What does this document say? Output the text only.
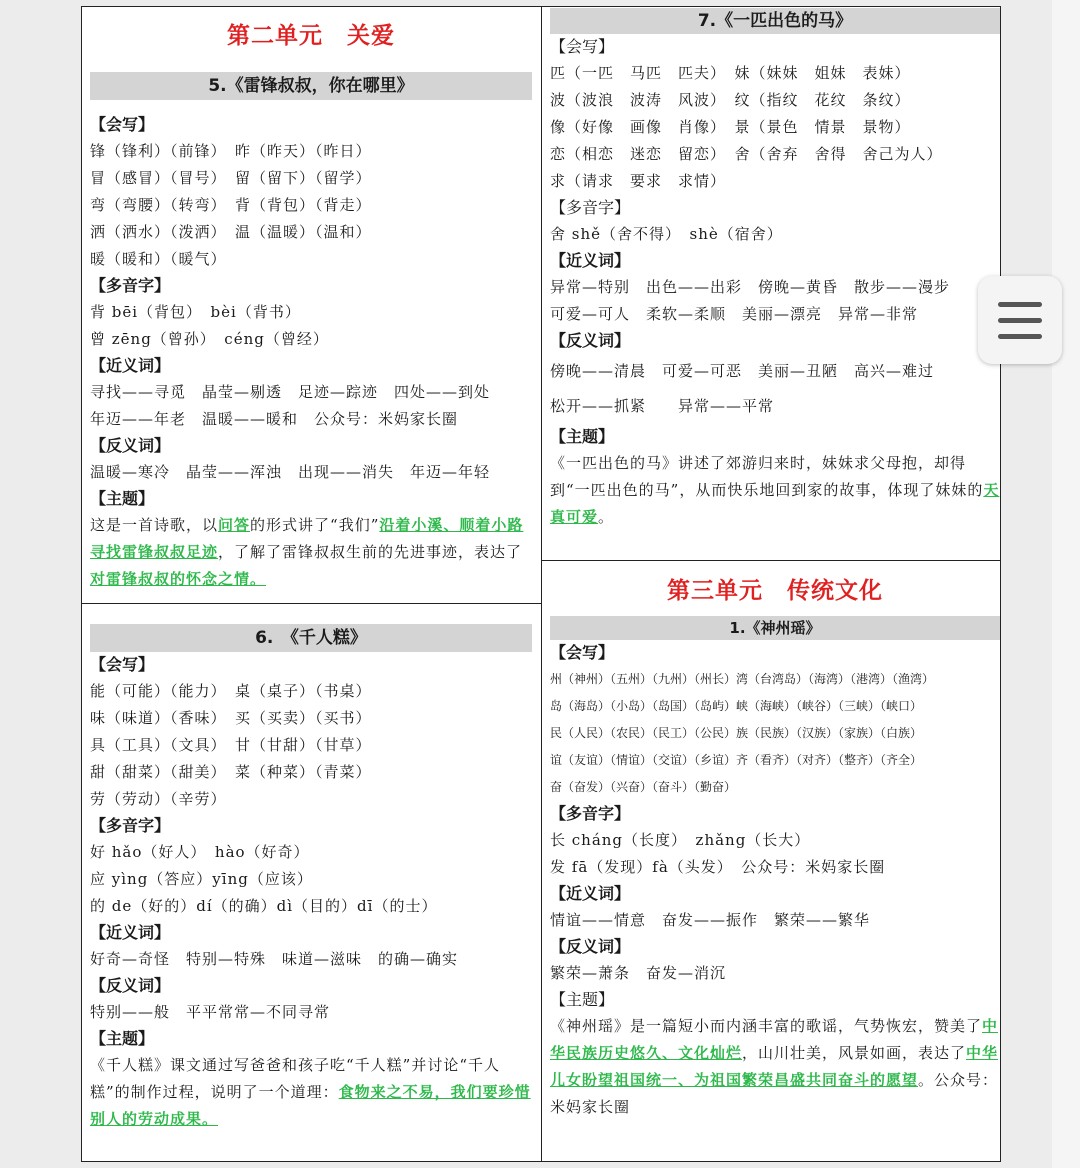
第二单元　关爱
5.《雷锋叔叔，你在哪里》
【会写】
锋（锋利）（前锋）　昨（昨天）（昨日）
冒（感冒）（冒号）　留（留下）（留学）
弯（弯腰）（转弯）　背（背包）（背走）
洒（洒水）（泼洒）　温（温暖）（温和）
暖（暖和）（暖气）
【多音字】
背 bēi（背包）　bèi（背书）
曾 zēng（曾孙）　céng（曾经）
【近义词】
寻找——寻觅　晶莹—剔透　足迹—踪迹　四处——到处
年迈——年老　温暖——暖和　公众号：米妈家长圈
【反义词】
温暖—寒冷　晶莹——浑浊　出现——消失　年迈—年轻
【主题】
这是一首诗歌，以问答的形式讲了“我们”沿着小溪、顺着小路寻找雷锋叔叔足迹，了解了雷锋叔叔生前的先进事迹，表达了对雷锋叔叔的怀念之情。
6.　《千人糕》
【会写】
能（可能）（能力）　桌（桌子）（书桌）
味（味道）（香味）　买（买卖）（买书）
具（工具）（文具）　甘（甘甜）（甘草）
甜（甜菜）（甜美）　菜（种菜）（青菜）
劳（劳动）（辛劳）
【多音字】
好 hǎo（好人）　hào（好奇）
应 yìng（答应）yīng（应该）
的 de（好的）dí（的确）dì（目的）dī（的士）
【近义词】
好奇—奇怪　特别—特殊　味道—滋味　的确—确实
【反义词】
特别——般　平平常常—不同寻常
【主题】
《千人糕》课文通过写爸爸和孩子吃“千人糕”并讨论“千人糕”的制作过程，说明了一个道理：食物来之不易，我们要珍惜别人的劳动成果。
7.《一匹出色的马》
【会写】
匹（一匹　马匹　匹夫）　妹（妹妹　姐妹　表妹）
波（波浪　波涛　风波）　纹（指纹　花纹　条纹）
像（好像　画像　肖像）　景（景色　情景　景物）
恋（相恋　迷恋　留恋）　舍（舍弃　舍得　舍己为人）
求（请求　要求　求情）
【多音字】
舍 shě（舍不得）　shè（宿舍）
【近义词】
异常—特别　出色——出彩　傍晚—黄昏　散步——漫步
可爱—可人　柔软—柔顺　美丽—漂亮　异常—非常
【反义词】
傍晚——清晨　可爱—可恶　美丽—丑陋　高兴—难过
松开——抓紧　　异常——平常
【主题】
《一匹出色的马》讲述了郊游归来时，妹妹求父母抱，却得到“一匹出色的马”，从而快乐地回到家的故事，体现了妹妹的天真可爱。
第三单元　传统文化
1.《神州瑶》
【会写】
州（神州）（五州）（九州）（州长）湾（台湾岛）（海湾）（港湾）（渔湾）
岛（海岛）（小岛）（岛国）（岛屿）峡（海峡）（峡谷）（三峡）（峡口）
民（人民）（农民）（民工）（公民）族（民族）（汉族）（家族）（白族）
谊（友谊）（情谊）（交谊）（乡谊）齐（看齐）（对齐）（整齐）（齐全）
奋（奋发）（兴奋）（奋斗）（勤奋）
【多音字】
长 cháng（长度）　zhǎng（长大）
发 fā（发现）fà（头发）　公众号：米妈家长圈
【近义词】
情谊——情意　奋发——振作　繁荣——繁华
【反义词】
繁荣—萧条　奋发—消沉
【主题】
《神州瑶》是一篇短小而内涵丰富的歌谣，气势恢宏，赞美了中华民族历史悠久、文化灿烂，山川壮美，风景如画，表达了中华儿女盼望祖国统一、为祖国繁荣昌盛共同奋斗的愿望。公众号：米妈家长圈
